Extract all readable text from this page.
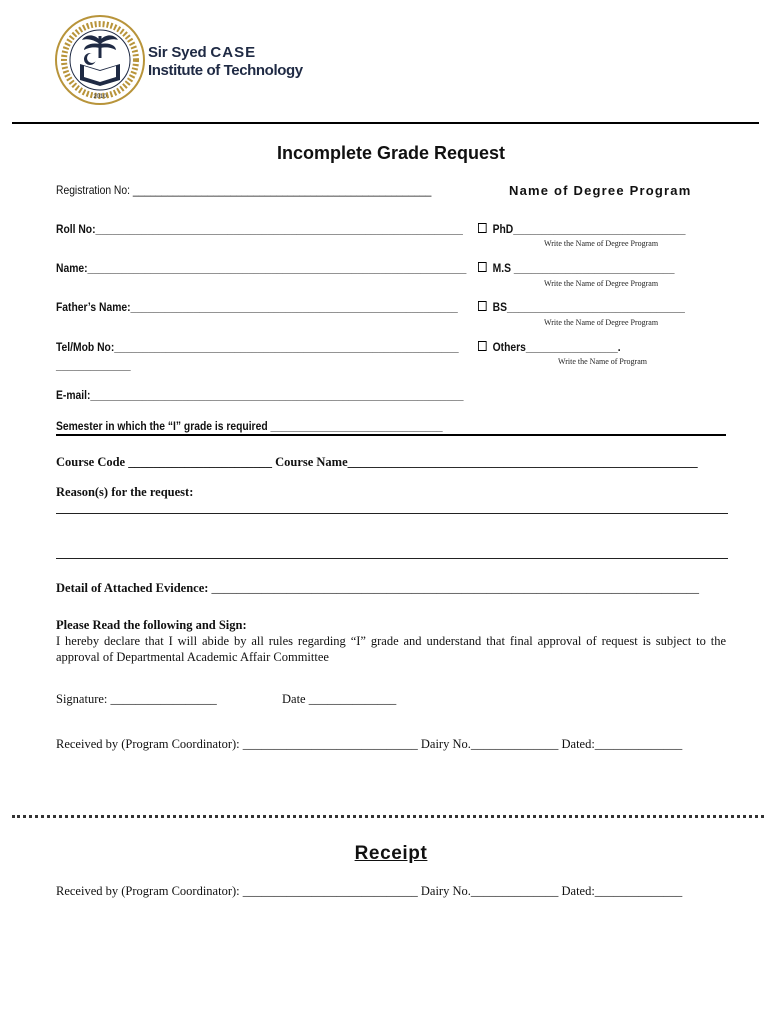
2010
Sir Syed CASE
Institute of Technology
Incomplete Grade Request
Registration No: ____________________________________________________
Roll No:________________________________________________________________
Name:__________________________________________________________________
Father’s Name:_________________________________________________________
Tel/Mob No:____________________________________________________________
_____________
E-mail:_________________________________________________________________
Semester in which the “I” grade is required ______________________________
Name of Degree Program
PhD______________________________
Write the Name of Degree Program
M.S ____________________________
Write the Name of Degree Program
BS_______________________________
Write the Name of Degree Program
Others________________.
Write the Name of Program
Course Code _______________________ Course Name________________________________________________________
Reason(s) for the request:
Detail of Attached Evidence: ______________________________________________________________________________
Please Read the following and Sign:
I hereby declare that I will abide by all rules regarding “I” grade and understand that final approval of request is subject to the approval of Departmental Academic Affair Committee
Signature: _________________	Date ______________
Received by (Program Coordinator): ____________________________ Dairy No.______________ Dated:______________
Receipt
Received by (Program Coordinator): ____________________________ Dairy No.______________ Dated:______________
